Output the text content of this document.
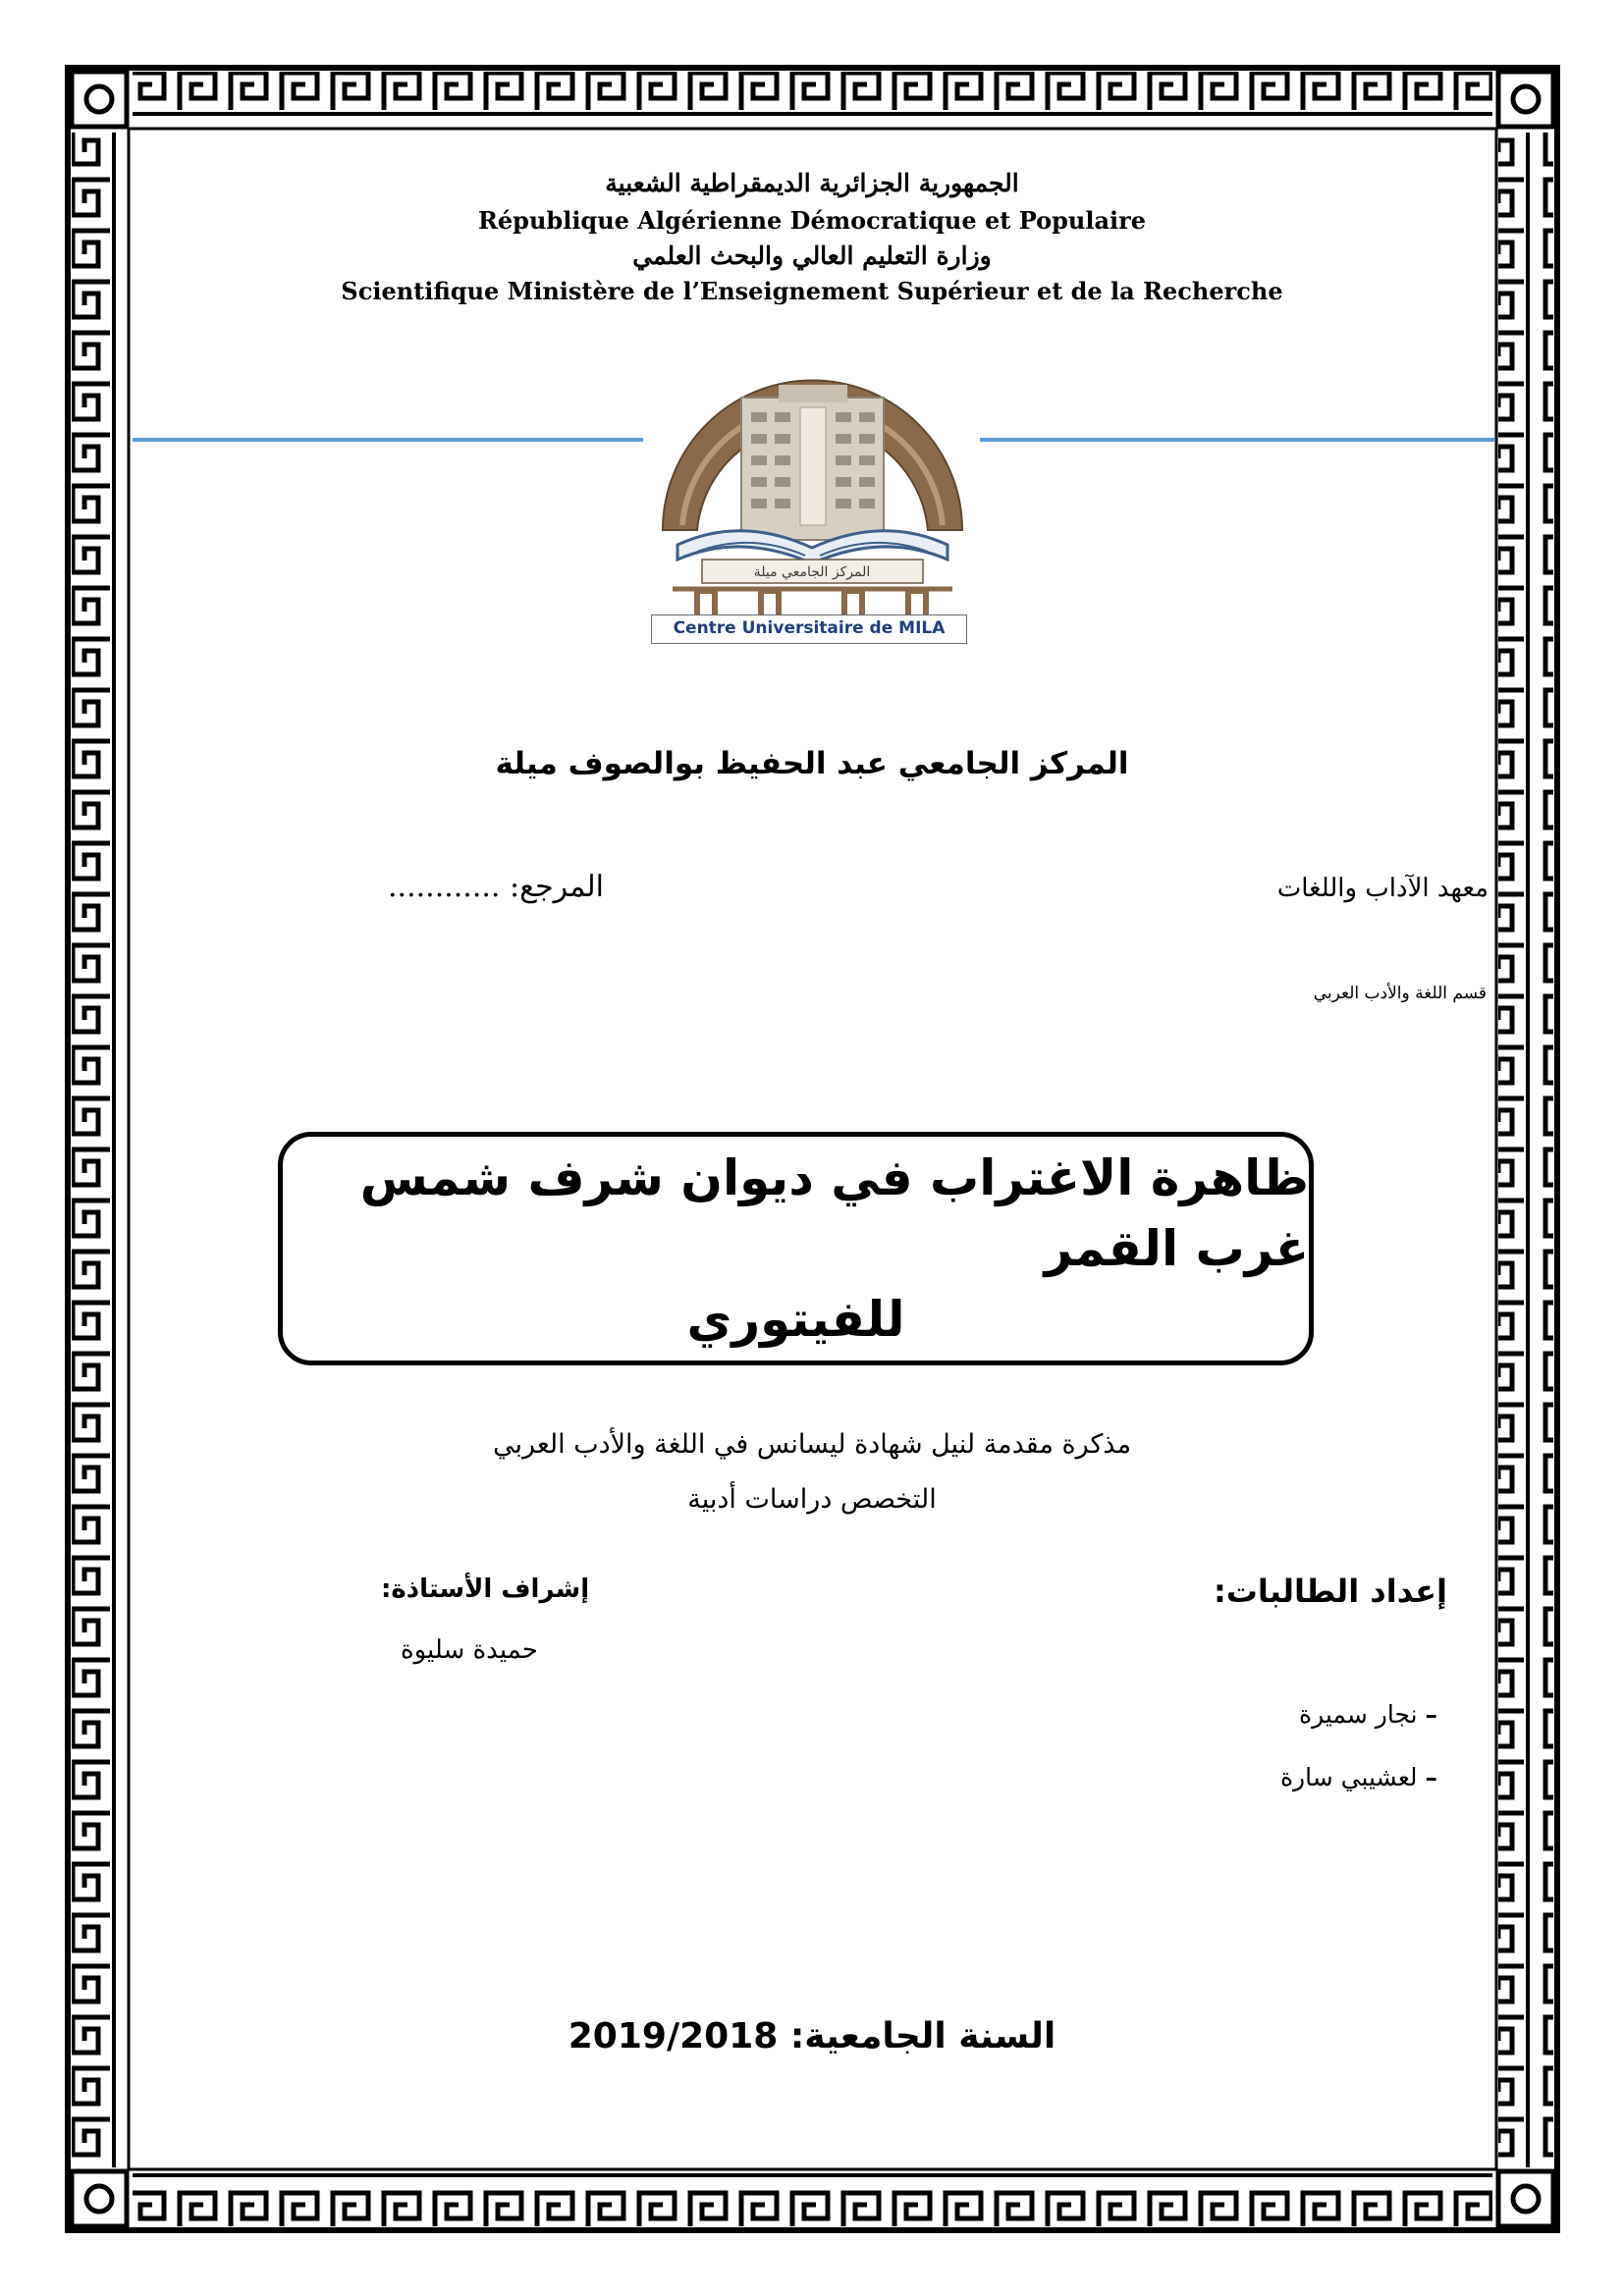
الجمهورية الجزائرية الديمقراطية الشعبية
République Algérienne Démocratique et Populaire
وزارة التعليم العالي والبحث العلمي
Scientifique Ministère de l’Enseignement Supérieur et de la Recherche
المركز الجامعي ميلة
Centre Universitaire de MILA
المركز الجامعي عبد الحفيظ بوالصوف ميلة
معهد الآداب واللغات
المرجع: ............
قسم اللغة والأدب العربي
ظاهرة الاغتراب في ديوان شرف شمس غرب القمر
للفيتوري
مذكرة مقدمة لنيل شهادة ليسانس في اللغة والأدب العربي
التخصص دراسات أدبية
إعداد الطالبات:
– نجار سميرة
– لعشيبي سارة
إشراف الأستاذة:
حميدة سليوة
السنة الجامعية: 2019/2018
